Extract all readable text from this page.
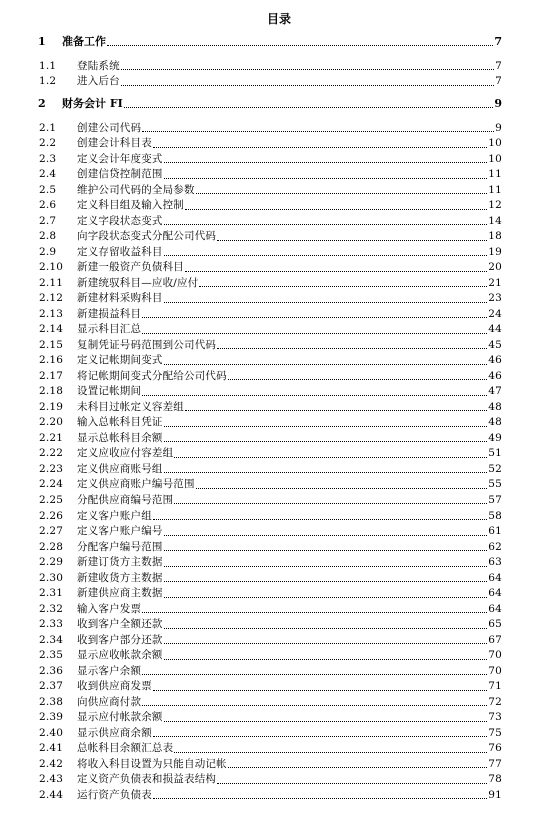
目录
1 准备工作	7
1.1 登陆系统	7
1.2 进入后台	7
2 财务会计 FI	9
2.1 创建公司代码	9
2.2 创建会计科目表	10
2.3 定义会计年度变式	10
2.4 创建信贷控制范围	11
2.5 维护公司代码的全局参数	11
2.6 定义科目组及输入控制	12
2.7 定义字段状态变式	14
2.8 向字段状态变式分配公司代码	18
2.9 定义存留收益科目	19
2.10 新建一般资产负债科目	20
2.11 新建统驭科目—应收/应付	21
2.12 新建材料采购科目	23
2.13 新建损益科目	24
2.14 显示科目汇总	44
2.15 复制凭证号码范围到公司代码	45
2.16 定义记帐期间变式	46
2.17 将记帐期间变式分配给公司代码	46
2.18 设置记帐期间	47
2.19 未科目过帐定义容差组	48
2.20 输入总帐科目凭证	48
2.21 显示总帐科目余额	49
2.22 定义应收应付容差组	51
2.23 定义供应商账号组	52
2.24 定义供应商账户编号范围	55
2.25 分配供应商编号范围	57
2.26 定义客户账户组	58
2.27 定义客户账户编号	61
2.28 分配客户编号范围	62
2.29 新建订货方主数据	63
2.30 新建收货方主数据	64
2.31 新建供应商主数据	64
2.32 输入客户发票	64
2.33 收到客户全额还款	65
2.34 收到客户部分还款	67
2.35 显示应收帐款余额	70
2.36 显示客户余额	70
2.37 收到供应商发票	71
2.38 向供应商付款	72
2.39 显示应付帐款余额	73
2.40 显示供应商余额	75
2.41 总帐科目余额汇总表	76
2.42 将收入科目设置为只能自动记帐	77
2.43 定义资产负债表和损益表结构	78
2.44 运行资产负债表	91
